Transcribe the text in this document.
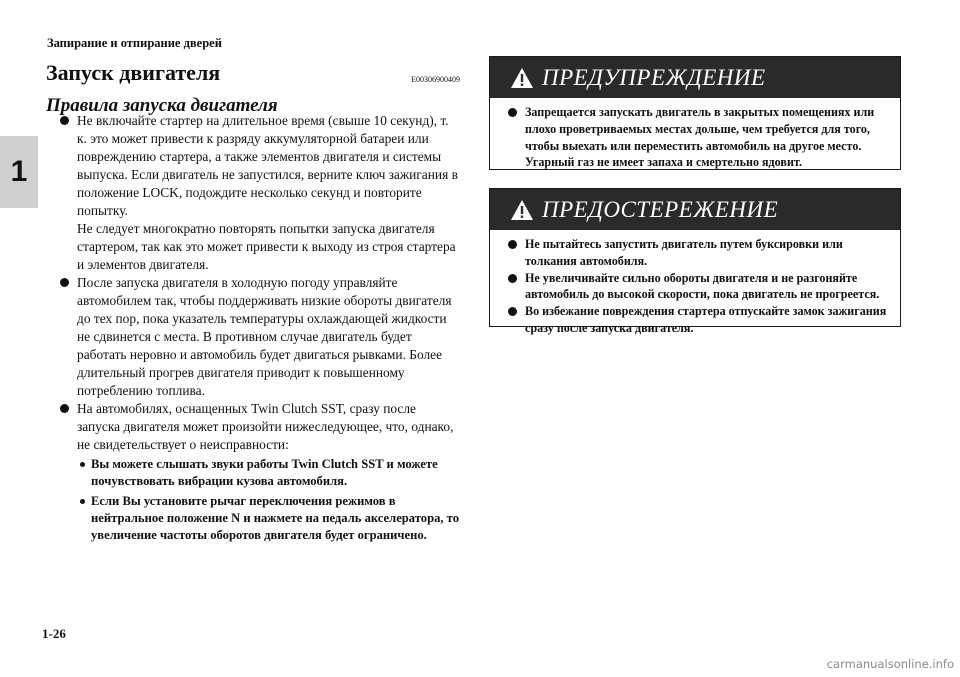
Запирание и отпирание дверей
1
Запуск двигателя	E00306900409
Правила запуска двигателя

Не включайте стартер на длительное время (свыше 10 секунд), т. к. это может привести к разряду аккумуляторной батареи или повреждению стартера, а также элементов двигателя и системы выпуска. Если двигатель не запустился, верните ключ зажигания в положение LOCK, подождите несколько секунд и повторите попытку.

Не следует многократно повторять попытки запуска двигателя стартером, так как это может привести к выходу из строя стартера и элементов двигателя.

После запуска двигателя в холодную погоду управляйте автомобилем так, чтобы поддерживать низкие обороты двигателя до тех пор, пока указатель температуры охлаждающей жидкости не сдвинется с места. В противном случае двигатель будет работать неровно и автомобиль будет двигаться рывками. Более длительный прогрев двигателя приводит к повышенному потреблению топлива.

На автомобилях, оснащенных Twin Clutch SST, сразу после запуска двигателя может произойти нижеследующее, что, однако, не свидетельствует о неисправности:

Вы можете слышать звуки работы Twin Clutch SST и можете почувствовать вибрации кузова автомобиля.
Если Вы установите рычаг переключения режимов в нейтральное положение N и нажмете на педаль акселератора, то увеличение частоты оборотов двигателя будет ограничено.
ПРЕДУПРЕЖДЕНИЕ
Запрещается запускать двигатель в закрытых помещениях или плохо проветриваемых местах дольше, чем требуется для того, чтобы выехать или переместить автомобиль на другое место. Угарный газ не имеет запаха и смертельно ядовит.
ПРЕДОСТЕРЕЖЕНИЕ
Не пытайтесь запустить двигатель путем буксировки или толкания автомобиля.
Не увеличивайте сильно обороты двигателя и не разгоняйте автомобиль до высокой скорости, пока двигатель не прогреется.
Во избежание повреждения стартера отпускайте замок зажигания сразу после запуска двигателя.
1-26
carmanualsonline.info
